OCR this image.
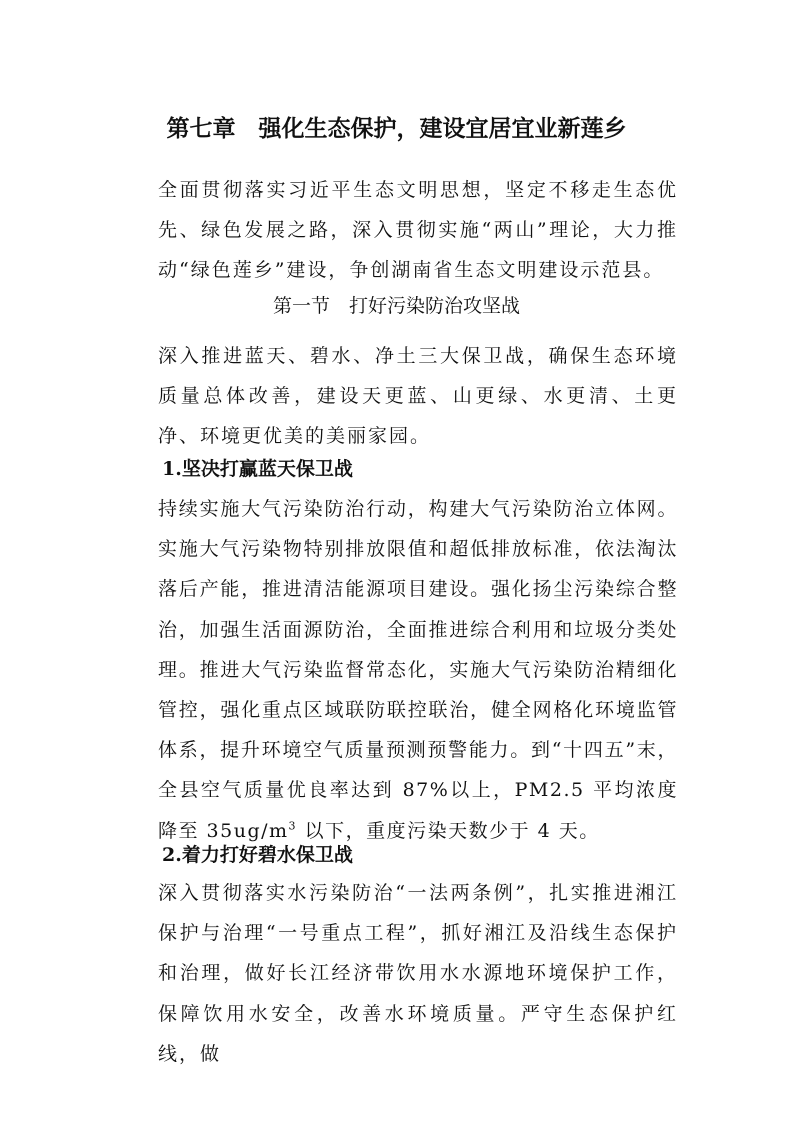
第七章　强化生态保护，建设宜居宜业新莲乡
全面贯彻落实习近平生态文明思想，坚定不移走生态优先、绿色发展之路，深入贯彻实施“两山”理论，大力推动“绿色莲乡”建设，争创湖南省生态文明建设示范县。
第一节　打好污染防治攻坚战
深入推进蓝天、碧水、净土三大保卫战，确保生态环境质量总体改善，建设天更蓝、山更绿、水更清、土更净、环境更优美的美丽家园。
1.坚决打赢蓝天保卫战
持续实施大气污染防治行动，构建大气污染防治立体网。实施大气污染物特别排放限值和超低排放标准，依法淘汰落后产能，推进清洁能源项目建设。强化扬尘污染综合整治，加强生活面源防治，全面推进综合利用和垃圾分类处理。推进大气污染监督常态化，实施大气污染防治精细化管控，强化重点区域联防联控联治，健全网格化环境监管体系，提升环境空气质量预测预警能力。到“十四五”末，全县空气质量优良率达到 87%以上，PM2.5 平均浓度降至 $35ug/m^3$ 以下，重度污染天数少于 4 天。
2.着力打好碧水保卫战
深入贯彻落实水污染防治“一法两条例”，扎实推进湘江保护与治理“一号重点工程”，抓好湘江及沿线生态保护和治理，做好长江经济带饮用水水源地环境保护工作，保障饮用水安全，改善水环境质量。严守生态保护红线，做
